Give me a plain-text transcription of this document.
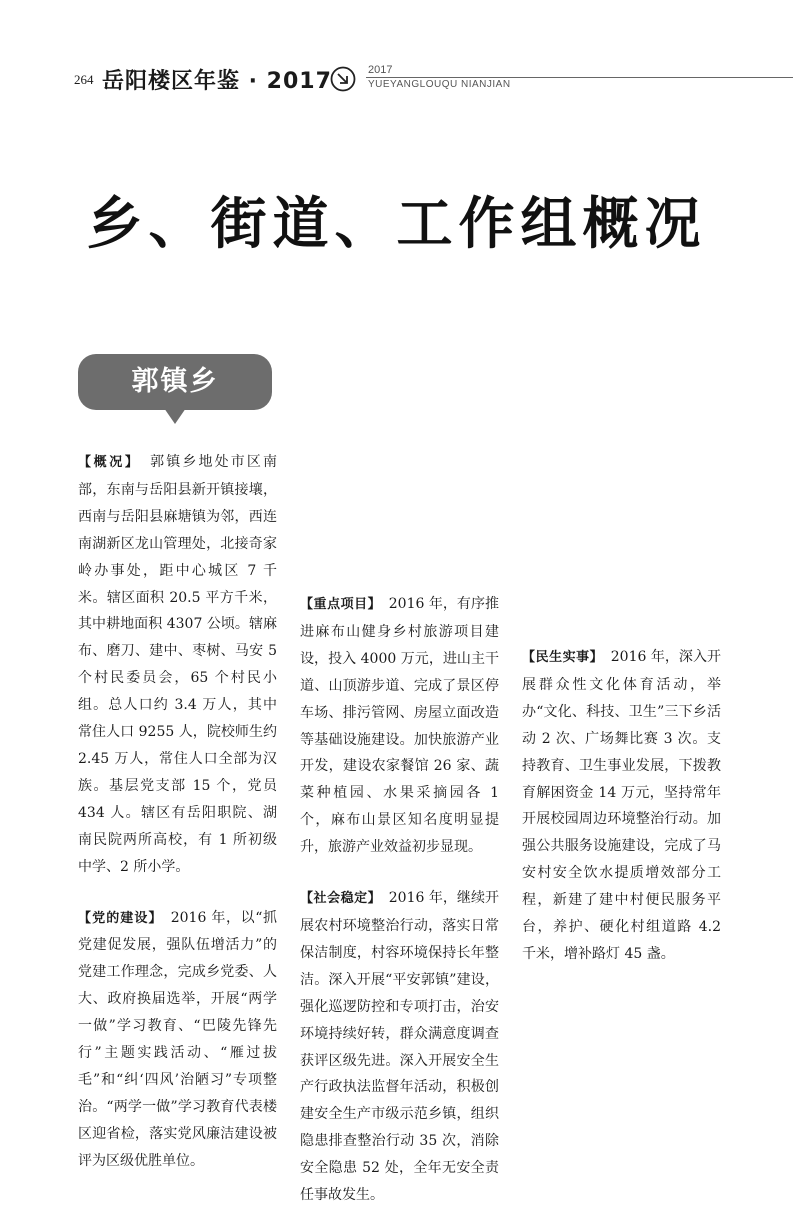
264 岳阳楼区年鉴 · 2017	2017
YUEYANGLOUQU NIANJIAN
乡、街道、工作组概况
郭镇乡

【概况】　 郭镇乡地处市区南部，东南与岳阳县新开镇接壤，西南与岳阳县麻塘镇为邻，西连南湖新区龙山管理处，北接奇家岭办事处，距中心城区 7 千米。辖区面积 20.5 平方千米，其中耕地面积 4307 公顷。辖麻布、磨刀、建中、枣树、马安 5 个村民委员会，65 个村民小组。总人口约 3.4 万人，其中常住人口 9255 人，院校师生约 2.45 万人，常住人口全部为汉族。基层党支部 15 个，党员 434 人。辖区有岳阳职院、湖南民院两所高校，有 1 所初级中学、2 所小学。

【党的建设】　 2016 年，以“抓党建促发展，强队伍增活力”的党建工作理念，完成乡党委、人大、政府换届选举，开展“两学一做”学习教育、“巴陵先锋先行”主题实践活动、“雁过拔毛”和“纠‘四风’治陋习”专项整治。“两学一做”学习教育代表楼区迎省检，落实党风廉洁建设被评为区级优胜单位。

【重点项目】　 2016 年，有序推进麻布山健身乡村旅游项目建设，投入 4000 万元，进山主干道、山顶游步道、完成了景区停车场、排污管网、房屋立面改造等基础设施建设。加快旅游产业开发，建设农家餐馆 26 家、蔬菜种植园、水果采摘园各 1 个，麻布山景区知名度明显提升，旅游产业效益初步显现。

【社会稳定】　 2016 年，继续开展农村环境整治行动，落实日常保洁制度，村容环境保持长年整洁。深入开展“平安郭镇”建设，强化巡逻防控和专项打击，治安环境持续好转，群众满意度调查获评区级先进。深入开展安全生产行政执法监督年活动，积极创建安全生产市级示范乡镇，组织隐患排查整治行动 35 次，消除安全隐患 52 处，全年无安全责任事故发生。

【民生实事】　 2016 年，深入开展群众性文化体育活动，举办“文化、科技、卫生”三下乡活动 2 次、广场舞比赛 3 次。支持教育、卫生事业发展，下拨教育解困资金 14 万元，坚持常年开展校园周边环境整治行动。加强公共服务设施建设，完成了马安村安全饮水提质增效部分工程，新建了建中村便民服务平台，养护、硬化村组道路 4.2 千米，增补路灯 45 盏。
